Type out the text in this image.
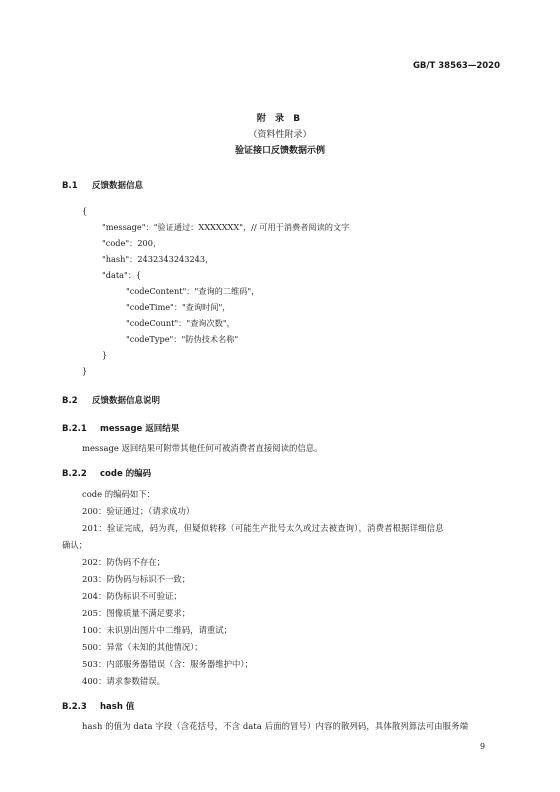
GB/T 38563—2020
附 录 B
（资料性附录）
验证接口反馈数据示例
B.1 反馈数据信息
{
"message"："验证通过：XXXXXXX"，// 可用于消费者阅读的文字
"code"：200，
"hash"：2432343243243，
"data"：{
"codeContent"："查询的二维码"，
"codeTime"："查询时间"，
"codeCount"："查询次数"，
"codeType"："防伪技术名称"
}
}
B.2 反馈数据信息说明
B.2.1 message 返回结果
message 返回结果可附带其他任何可被消费者直接阅读的信息。
B.2.2 code 的编码
code 的编码如下：
200：验证通过；（请求成功）
201：验证完成，码为真，但疑似转移（可能生产批号太久或过去被查询），消费者根据详细信息
确认；
202：防伪码不存在；
203：防伪码与标识不一致；
204：防伪标识不可验证；
205：图像质量不满足要求；
100：未识别出图片中二维码，请重试；
500：异常（未知的其他情况）；
503：内部服务器错误（含：服务器维护中）；
400：请求参数错误。
B.2.3 hash 值
hash 的值为 data 字段（含花括号，不含 data 后面的冒号）内容的散列码，具体散列算法可由服务端
9
